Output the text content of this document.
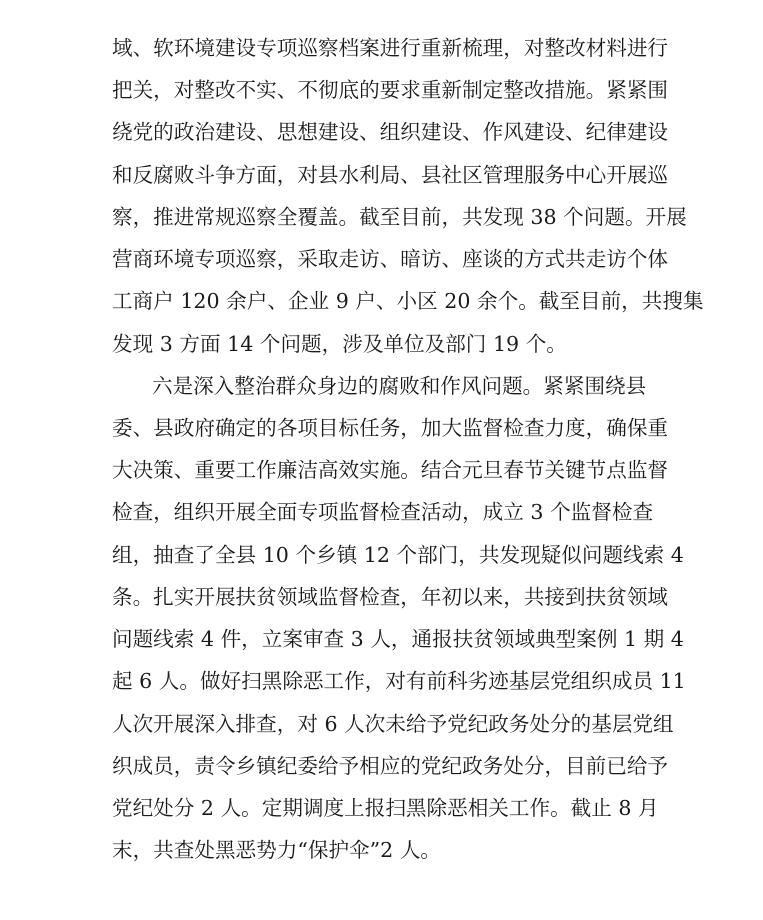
域、软环境建设专项巡察档案进行重新梳理，对整改材料进行
把关，对整改不实、不彻底的要求重新制定整改措施。紧紧围
绕党的政治建设、思想建设、组织建设、作风建设、纪律建设
和反腐败斗争方面，对县水利局、县社区管理服务中心开展巡
察，推进常规巡察全覆盖。截至目前，共发现 38 个问题。开展
营商环境专项巡察，采取走访、暗访、座谈的方式共走访个体
工商户 120 余户、企业 9 户、小区 20 余个。截至目前，共搜集
发现 3 方面 14 个问题，涉及单位及部门 19 个。
六是深入整治群众身边的腐败和作风问题。紧紧围绕县
委、县政府确定的各项目标任务，加大监督检查力度，确保重
大决策、重要工作廉洁高效实施。结合元旦春节关键节点监督
检查，组织开展全面专项监督检查活动，成立 3 个监督检查
组，抽查了全县 10 个乡镇 12 个部门，共发现疑似问题线索 4
条。扎实开展扶贫领域监督检查，年初以来，共接到扶贫领域
问题线索 4 件，立案审查 3 人，通报扶贫领域典型案例 1 期 4
起 6 人。做好扫黑除恶工作，对有前科劣迹基层党组织成员 11
人次开展深入排查，对 6 人次未给予党纪政务处分的基层党组
织成员，责令乡镇纪委给予相应的党纪政务处分，目前已给予
党纪处分 2 人。定期调度上报扫黑除恶相关工作。截止 8 月
末，共查处黑恶势力“保护伞”2 人。
